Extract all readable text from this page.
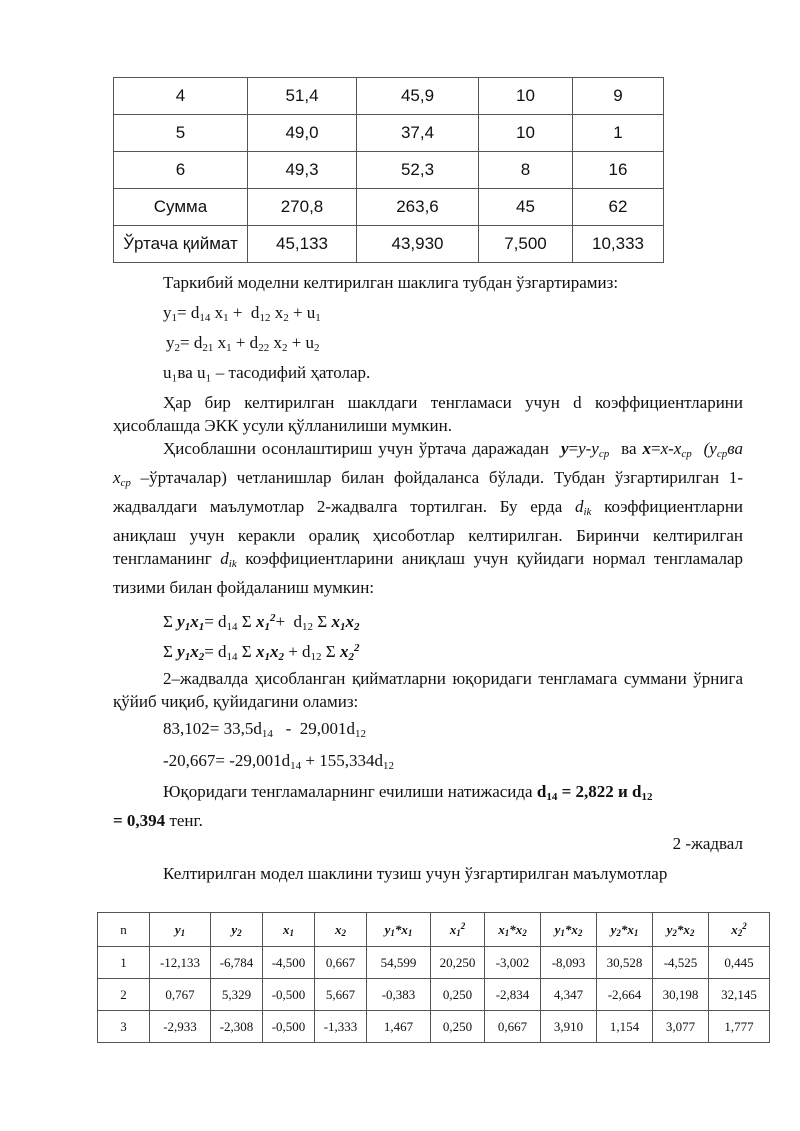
4	51,4	45,9	10	9
5	49,0	37,4	10	1
6	49,3	52,3	8	16
Сумма	270,8	263,6	45	62
Ўртача қиймат	45,133	43,930	7,500	10,333
Таркибий моделни келтирилган шаклига тубдан ўзгартирамиз:
$y_1= d_{14}$ $x_1 + d_{12}$ $x_2 + u_1$
$y_2= d_{21}$ $x_1 + d_{22}$ $x_2 + u_2$
u₁ва u₁ – тасодифий ҳатолар.
Ҳар бир келтирилган шаклдаги тенгламаси учун d коэффициентларини ҳисоблашда ЭКК усули қўлланилиши мумкин.
Ҳисоблашни осонлаштириш учун ўртача даражадан $y=y-y_{ср}$  ва $x=x-x_{ср}$ ($y_{ср}ва$ $x_{ср}$ –ўртачалар) четланишлар билан фойдаланса бўлади. Тубдан ўзгартирилган 1-жадвалдаги маълумотлар 2-жадвалга тортилган. Бу ерда $d_{ik}$ коэффициентларни аниқлаш учун керакли оралиқ ҳисоботлар келтирилган. Биринчи келтирилган тенгламанинг $d_{ik}$ коэффициентларини аниқлаш учун қуйидаги нормал тенгламалар тизими билан фойдаланиш мумкин:
Σ $y_1x_1= d_{14}$ Σ $x_1^2+ d_{12}$ Σ $x_1x_2$
Σ $y_1x_2= d_{14}$ Σ $x_1x_2 + d_{12}$ Σ $x_2^2$
2–жадвалда ҳисобланган қийматларни юқоридаги тенгламага суммани ўрнига қўйиб чиқиб, қуйидагини оламиз:
$83,102= 33,5d_{14} - 29,001d_{12}$
$-20,667= -29,001d_{14} + 155,334d_{12}$
Юқоридаги тенгламаларнинг ечилиши натижасида $d_{14} = 2,822$ и $d_{12}$
= 0,394 тенг.
2 -жадвал
Келтирилган модел шаклини тузиш учун ўзгартирилган маълумотлар
n	$y_1$	$y_2$	$x_1$	$x_2$	$y_1*x_1$	$x_1^2$	$x_1*x_2$	$y_1*x_2$	$y_2*x_1$	$y_2*x_2$	$x_2^2$
1	-12,133	-6,784	-4,500	0,667	54,599	20,250	-3,002	-8,093	30,528	-4,525	0,445
2	0,767	5,329	-0,500	5,667	-0,383	0,250	-2,834	4,347	-2,664	30,198	32,145
3	-2,933	-2,308	-0,500	-1,333	1,467	0,250	0,667	3,910	1,154	3,077	1,777
